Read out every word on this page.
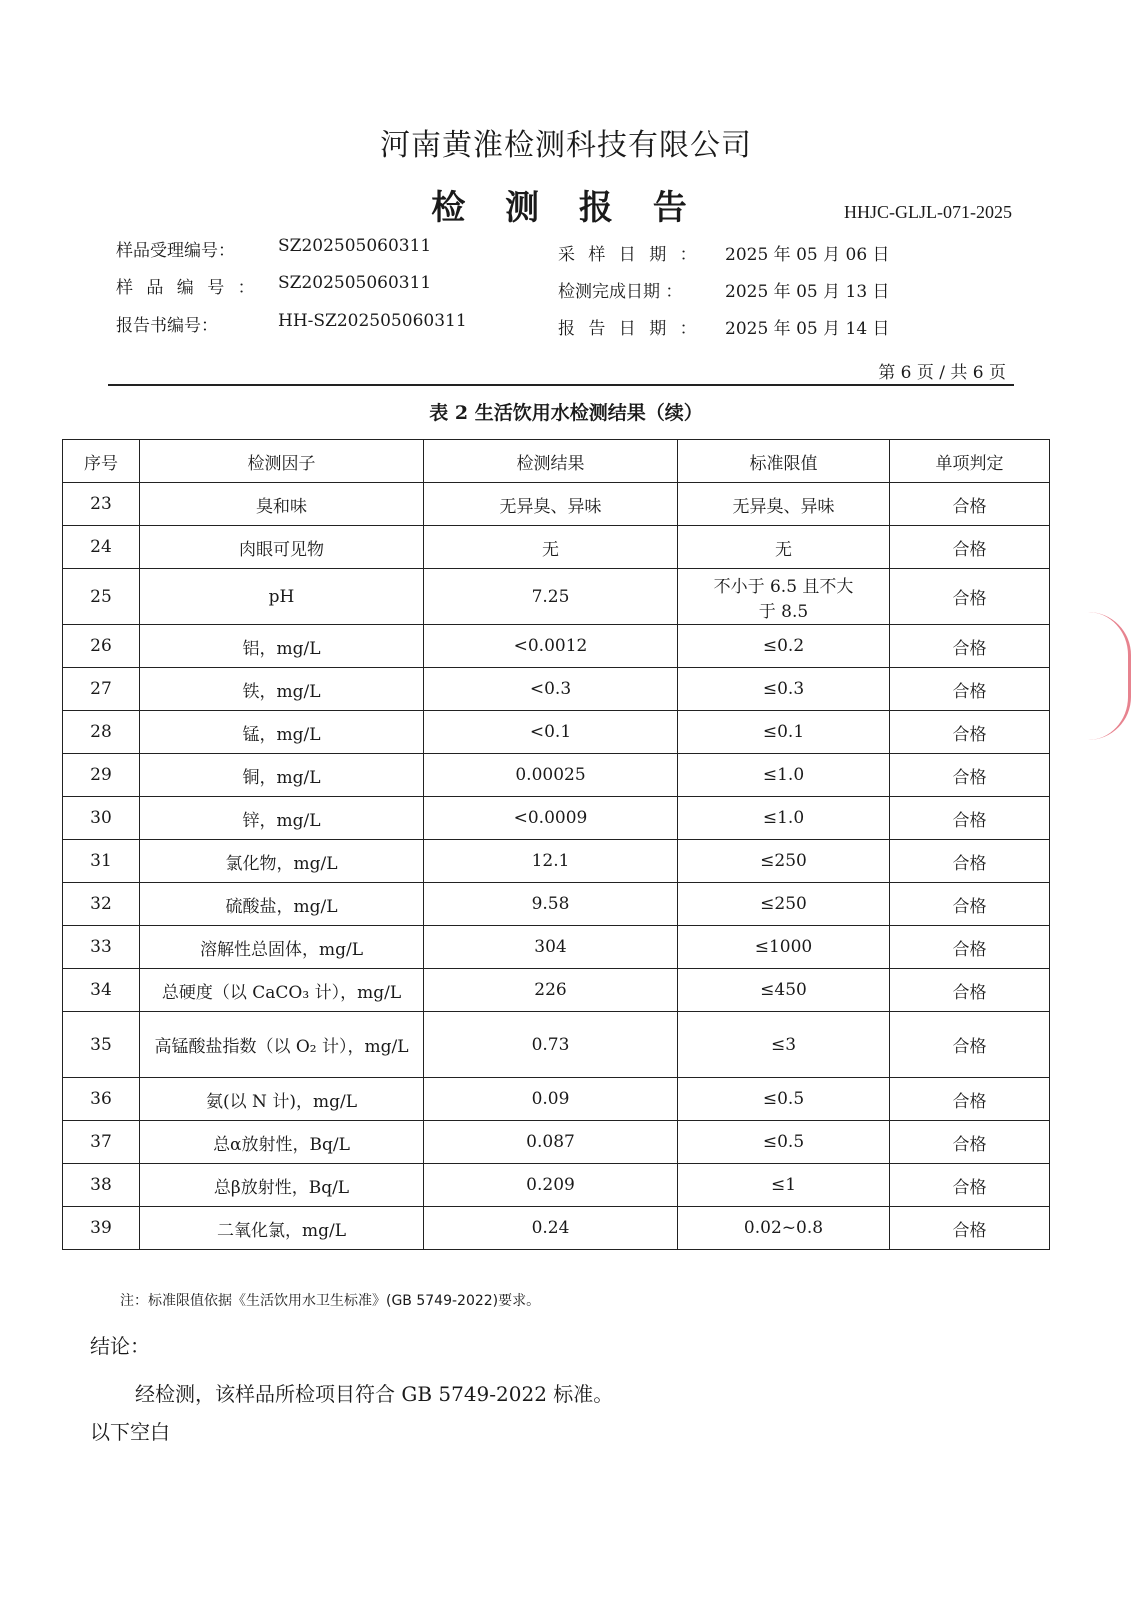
河南黄淮检测科技有限公司
检 测 报 告	HHJC-GLJL-071-2025
样品受理编号：	SZ202505060311
样 品 编 号 ： SZ202505060311
报告书编号：	HH-SZ202505060311
采 样 日 期 ： 2025 年 05 月 06 日
检测完成日期 ：	2025 年 05 月 13 日
报 告 日 期 ： 2025 年 05 月 14 日
第 6 页 / 共 6 页
表 2 生活饮用水检测结果（续）
序号	检测因子	检测结果	标准限值	单项判定
23	臭和味	无异臭、异味	无异臭、异味	合格
24	肉眼可见物	无	无	合格
25	pH	7.25	不小于 6.5 且不大于 8.5	合格
26	铝，mg/L	<0.0012	≤0.2	合格
27	铁，mg/L	<0.3	≤0.3	合格
28	锰，mg/L	<0.1	≤0.1	合格
29	铜，mg/L	0.00025	≤1.0	合格
30	锌，mg/L	<0.0009	≤1.0	合格
31	氯化物，mg/L	12.1	≤250	合格
32	硫酸盐，mg/L	9.58	≤250	合格
33	溶解性总固体，mg/L	304	≤1000	合格
34	总硬度（以 CaCO₃ 计），mg/L	226	≤450	合格
35	高锰酸盐指数（以 O₂ 计），mg/L	0.73	≤3	合格
36	氨(以 N 计)，mg/L	0.09	≤0.5	合格
37	总α放射性，Bq/L	0.087	≤0.5	合格
38	总β放射性，Bq/L	0.209	≤1	合格
39	二氧化氯，mg/L	0.24	0.02~0.8	合格
注：标准限值依据《生活饮用水卫生标准》(GB 5749-2022)要求。
结论：
经检测，该样品所检项目符合 GB 5749-2022 标准。
以下空白
